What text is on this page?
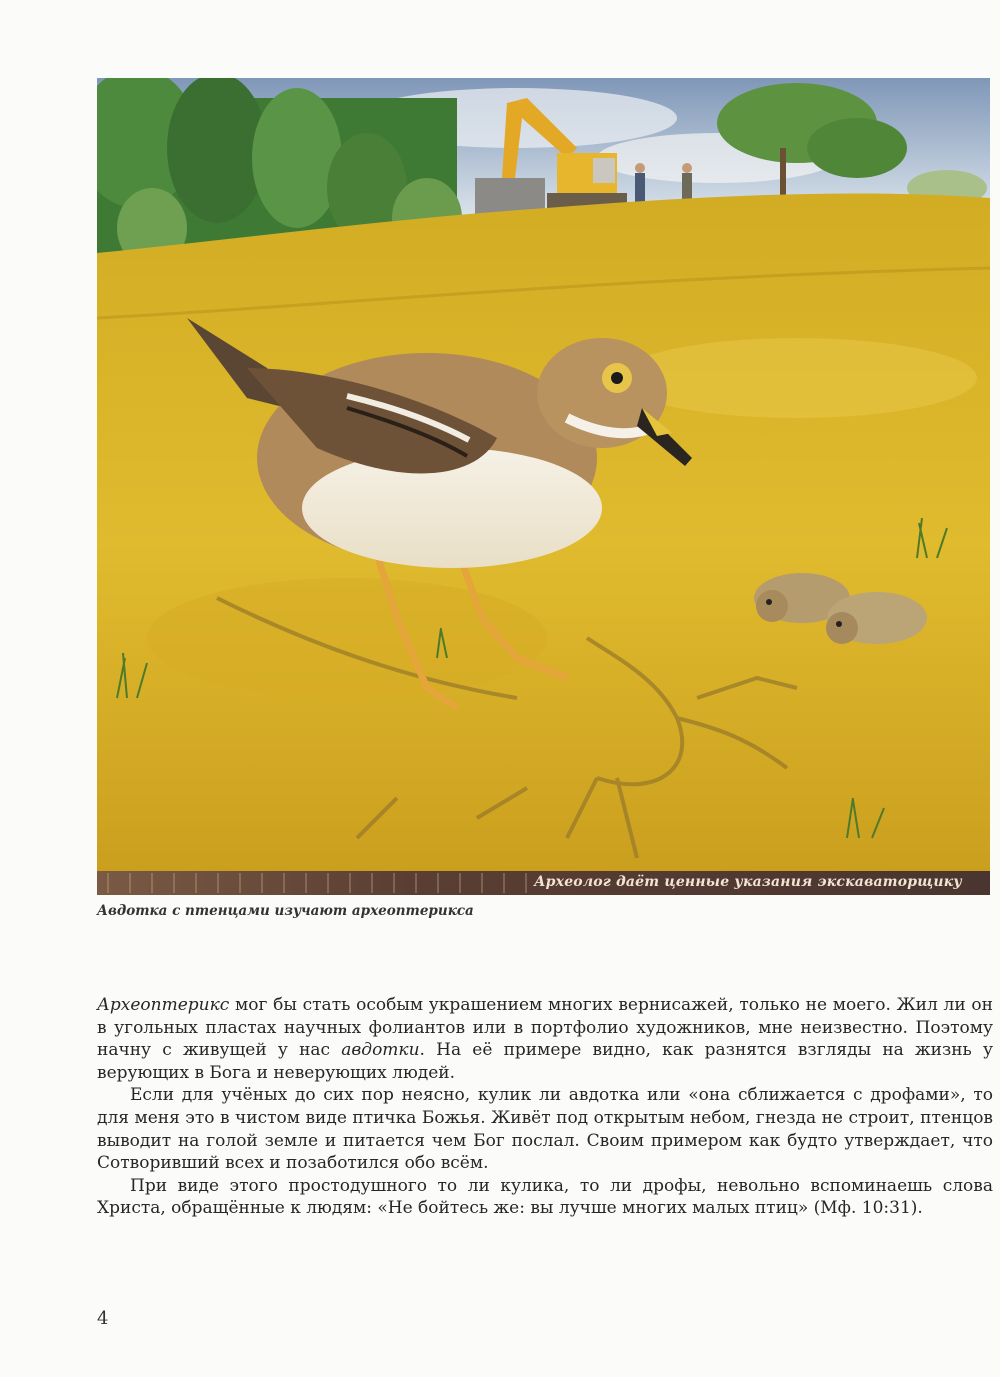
Археолог даёт ценные указания экскаваторщику
Авдотка с птенцами изучают археоптерикса

Археоптерикс мог бы стать особым украшением многих вернисажей, только не моего. Жил ли он в угольных пластах научных фолиантов или в портфолио художников, мне неизвестно. Поэтому начну с живущей у нас авдотки. На её примере видно, как разнятся взгляды на жизнь у верующих в Бога и неверующих людей.

Если для учёных до сих пор неясно, кулик ли авдотка или «она сближается с дрофами», то для меня это в чистом виде птичка Божья. Живёт под открытым небом, гнезда не строит, птенцов выводит на голой земле и питается чем Бог послал. Своим примером как будто утверждает, что Сотворивший всех и позаботился обо всём.

При виде этого простодушного то ли кулика, то ли дрофы, невольно вспоминаешь слова Христа, обращённые к людям: «Не бойтесь же: вы лучше многих малых птиц» (Мф. 10:31).

4
